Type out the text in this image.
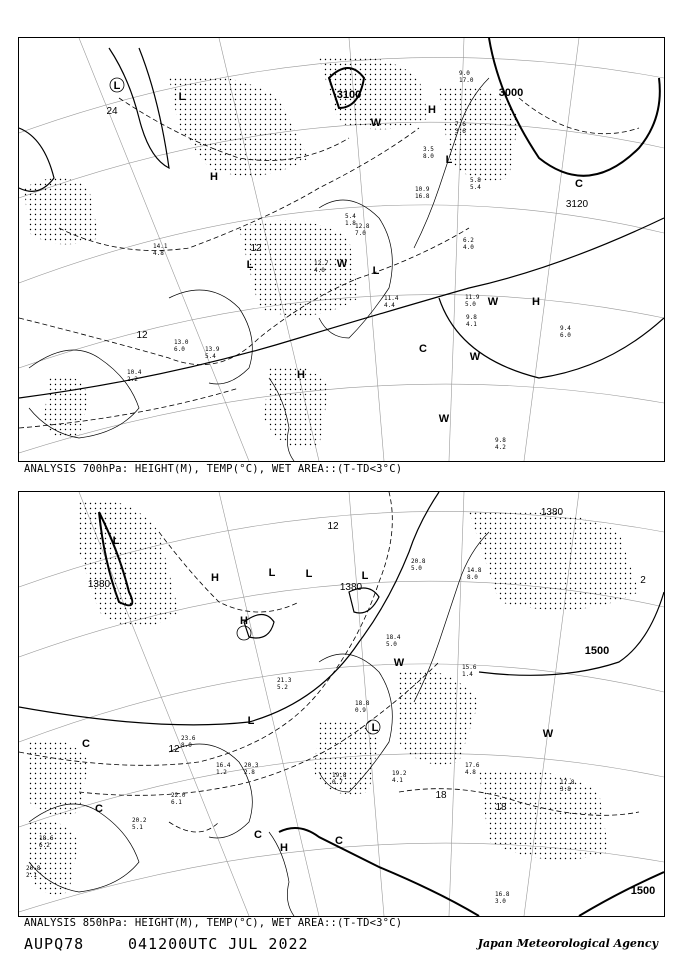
3000
3100
3120
24
12
12
L
L	L
L
L
H
H
H
H
W
W
W
W
W
C
C
11.9
5.0
6.2
4.0
5.4
1.8
9.8
4.1
9.4
6.0
9.8
4.2
13.0
6.0
11.4
4.4
12.8
7.0
10.9
16.8
13.9
5.4
10.4
2.2
14.1
4.8
12.7
4.0
7.6
3.6
3.5
8.0
9.0
17.0
5.8
5.4
ANALYSIS 700hPa: HEIGHT(M), TEMP(°C), WET AREA::(T-TD<3°C)
1380	1380
1380
1500
1500
18
18
12
12
2
L
L
L
L
L	L
H
H
H
W
W
C
C
C	C
20.8
5.0	14.8
8.0
18.4
5.0
15.6
1.4
17.8
3.8
16.8
3.0
19.2
4.1
19.8
0.7
22.0
6.1
20.2
5.1
18.6
6.2
20.8
2.1
23.6
8.0
16.4
1.2
20.3
2.8
21.3
5.2
18.8
0.9
17.6
4.8
ANALYSIS 850hPa: HEIGHT(M), TEMP(°C), WET AREA::(T-TD<3°C)
AUPQ78	041200UTC JUL 2022	Japan Meteorological Agency
